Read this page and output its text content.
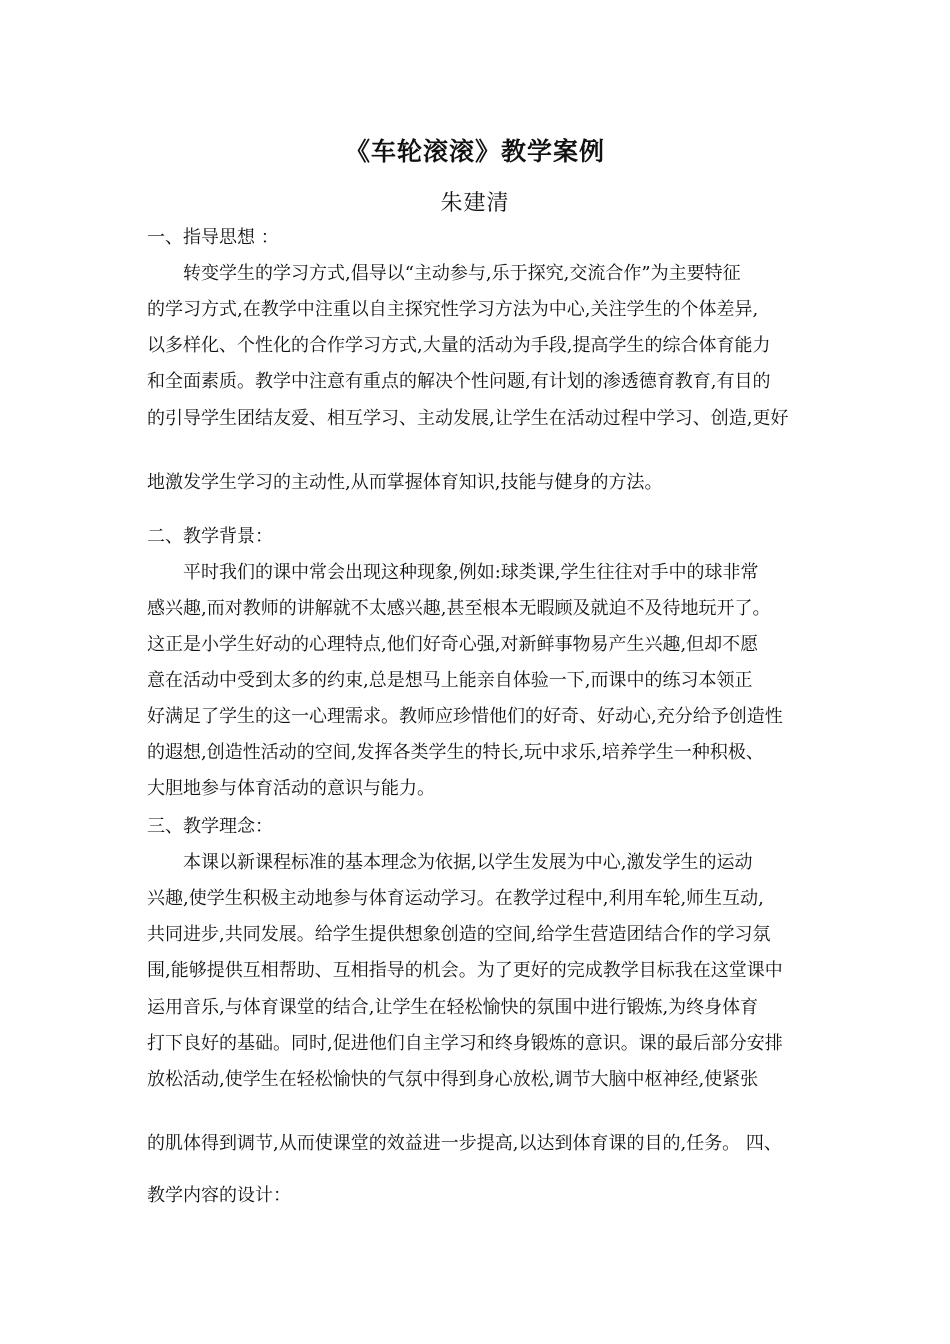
《车轮滚滚》教学案例
朱建清
一、指导思想 ：
转变学生的学习方式,倡导以“主动参与,乐于探究,交流合作”为主要特征
的学习方式,在教学中注重以自主探究性学习方法为中心,关注学生的个体差异,
以多样化、个性化的合作学习方式,大量的活动为手段,提高学生的综合体育能力
和全面素质。教学中注意有重点的解决个性问题,有计划的渗透德育教育,有目的
的引导学生团结友爱、相互学习、主动发展,让学生在活动过程中学习、创造,更好
地激发学生学习的主动性,从而掌握体育知识,技能与健身的方法。
二、教学背景：
平时我们的课中常会出现这种现象,例如:球类课,学生往往对手中的球非常
感兴趣,而对教师的讲解就不太感兴趣,甚至根本无暇顾及就迫不及待地玩开了。
这正是小学生好动的心理特点,他们好奇心强,对新鲜事物易产生兴趣,但却不愿
意在活动中受到太多的约束,总是想马上能亲自体验一下,而课中的练习本领正
好满足了学生的这一心理需求。教师应珍惜他们的好奇、好动心,充分给予创造性
的遐想,创造性活动的空间,发挥各类学生的特长,玩中求乐,培养学生一种积极、
大胆地参与体育活动的意识与能力。
三、教学理念：
本课以新课程标准的基本理念为依据,以学生发展为中心,激发学生的运动
兴趣,使学生积极主动地参与体育运动学习。在教学过程中,利用车轮,师生互动,
共同进步,共同发展。给学生提供想象创造的空间,给学生营造团结合作的学习氛
围,能够提供互相帮助、互相指导的机会。为了更好的完成教学目标我在这堂课中
运用音乐,与体育课堂的结合,让学生在轻松愉快的氛围中进行锻炼,为终身体育
打下良好的基础。同时,促进他们自主学习和终身锻炼的意识。课的最后部分安排
放松活动,使学生在轻松愉快的气氛中得到身心放松,调节大脑中枢神经,使紧张
的肌体得到调节,从而使课堂的效益进一步提高,以达到体育课的目的,任务。 四、
教学内容的设计：
